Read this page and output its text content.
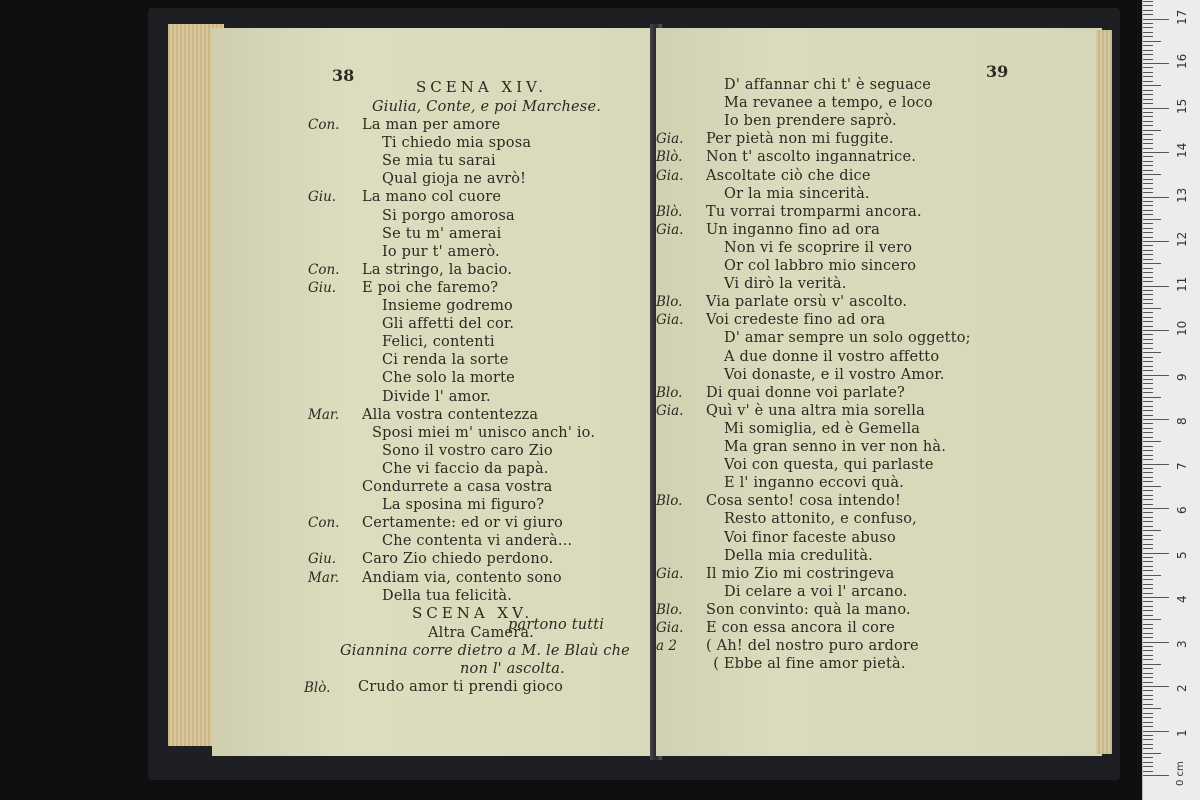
38
SCENA XIV.
Giulia, Conte, e poi Marchese.
Con. La man per amore
Ti chiedo mia sposa
Se mia tu sarai
Qual gioja ne avrò!
Giu. La mano col cuore
Si porgo amorosa
Se tu m' amerai
Io pur t' amerò.
Con. La stringo, la bacio.
Giu. E poi che faremo?
Insieme godremo
Gli affetti del cor.
Felici, contenti
Ci renda la sorte
Che solo la morte
Divide l' amor.
Mar. Alla vostra contentezza
Sposi miei m' unisco anch' io.
Sono il vostro caro Zio
Che vi faccio da papà.
Condurrete a casa vostra
La sposina mi figuro?
Con. Certamente: ed or vi giuro
Che contenta vi anderà...
Giu. Caro Zio chiedo perdono.
Mar. Andiam via, contento sono
Della tua felicità.
partono tutti
SCENA XV.
Altra Camera.
Giannina corre dietro a M. le Blaù che
non l' ascolta.
Blò. Crudo amor ti prendi gioco
39
D' affannar chi t' è seguace
Ma revanee a tempo, e loco
Io ben prendere saprò.
Gia. Per pietà non mi fuggite.
Blò. Non t' ascolto ingannatrice.
Gia. Ascoltate ciò che dice
Or la mia sincerità.
Blò. Tu vorrai tromparmi ancora.
Gia. Un inganno fino ad ora
Non vi fe scoprire il vero
Or col labbro mio sincero
Vi dirò la verità.
Blo. Via parlate orsù v' ascolto.
Gia. Voi credeste fino ad ora
D' amar sempre un solo oggetto;
A due donne il vostro affetto
Voi donaste, e il vostro Amor.
Blo. Di quai donne voi parlate?
Gia. Quì v' è una altra mia sorella
Mi somiglia, ed è Gemella
Ma gran senno in ver non hà.
Voi con questa, qui parlaste
E l' inganno eccovi quà.
Blo. Cosa sento! cosa intendo!
Resto attonito, e confuso,
Voi finor faceste abuso
Della mia credulità.
Gia. Il mio Zio mi costringeva
Di celare a voi l' arcano.
Blo. Son convinto: quà la mano.
Gia. E con essa ancora il core
a 2 ( Ah! del nostro puro ardore
( Ebbe al fine amor pietà.
1
2
3
4
5
6
7
8
9
10
11
12
13
14
15
16
17
0 cm
